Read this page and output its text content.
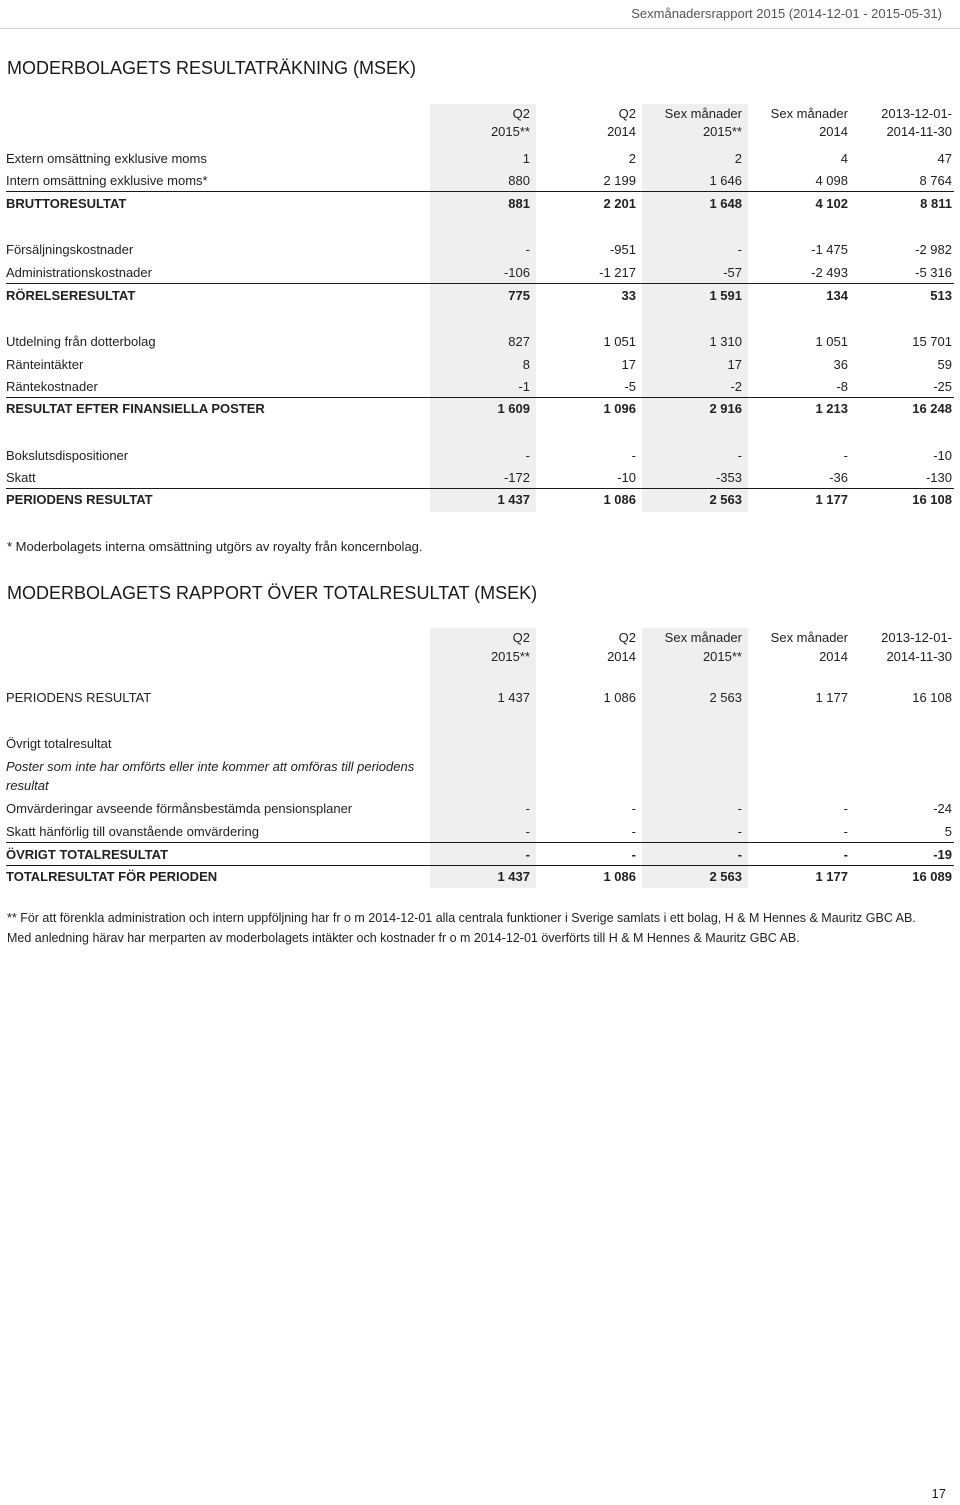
Sexmånadersrapport 2015 (2014-12-01 - 2015-05-31)
MODERBOLAGETS RESULTATRÄKNING (MSEK)
Q2	Q2	Sex månader	Sex månader	2013-12-01-
2015**	2014	2015**	2014	2014-11-30
Extern omsättning exklusive moms	1	2	2	4	47
Intern omsättning exklusive moms*	880	2 199	1 646	4 098	8 764
BRUTTORESULTAT	881	2 201	1 648	4 102	8 811
Försäljningskostnader	-	-951	-	-1 475	-2 982
Administrationskostnader	-106	-1 217	-57	-2 493	-5 316
RÖRELSERESULTAT	775	33	1 591	134	513
Utdelning från dotterbolag	827	1 051	1 310	1 051	15 701
Ränteintäkter	8	17	17	36	59
Räntekostnader	-1	-5	-2	-8	-25
RESULTAT EFTER FINANSIELLA POSTER	1 609	1 096	2 916	1 213	16 248
Bokslutsdispositioner	-	-	-	-	-10
Skatt	-172	-10	-353	-36	-130
PERIODENS RESULTAT	1 437	1 086	2 563	1 177	16 108
* Moderbolagets interna omsättning utgörs av royalty från koncernbolag.
MODERBOLAGETS RAPPORT ÖVER TOTALRESULTAT (MSEK)
Q2	Q2	Sex månader	Sex månader	2013-12-01-
2015**	2014	2015**	2014	2014-11-30
PERIODENS RESULTAT	1 437	1 086	2 563	1 177	16 108
Övrigt totalresultat
Poster som inte har omförts eller inte kommer att omföras till periodens
resultat
Omvärderingar avseende förmånsbestämda pensionsplaner	-	-	-	-	-24
Skatt hänförlig till ovanstående omvärdering	-	-	-	-	5
ÖVRIGT TOTALRESULTAT	-	-	-	-	-19
TOTALRESULTAT FÖR PERIODEN	1 437	1 086	2 563	1 177	16 089
** För att förenkla administration och intern uppföljning har fr o m 2014-12-01 alla centrala funktioner i Sverige samlats i ett bolag, H & M Hennes & Mauritz GBC AB.
Med anledning härav har merparten av moderbolagets intäkter och kostnader fr o m 2014-12-01 överförts till H & M Hennes & Mauritz GBC AB.
17
